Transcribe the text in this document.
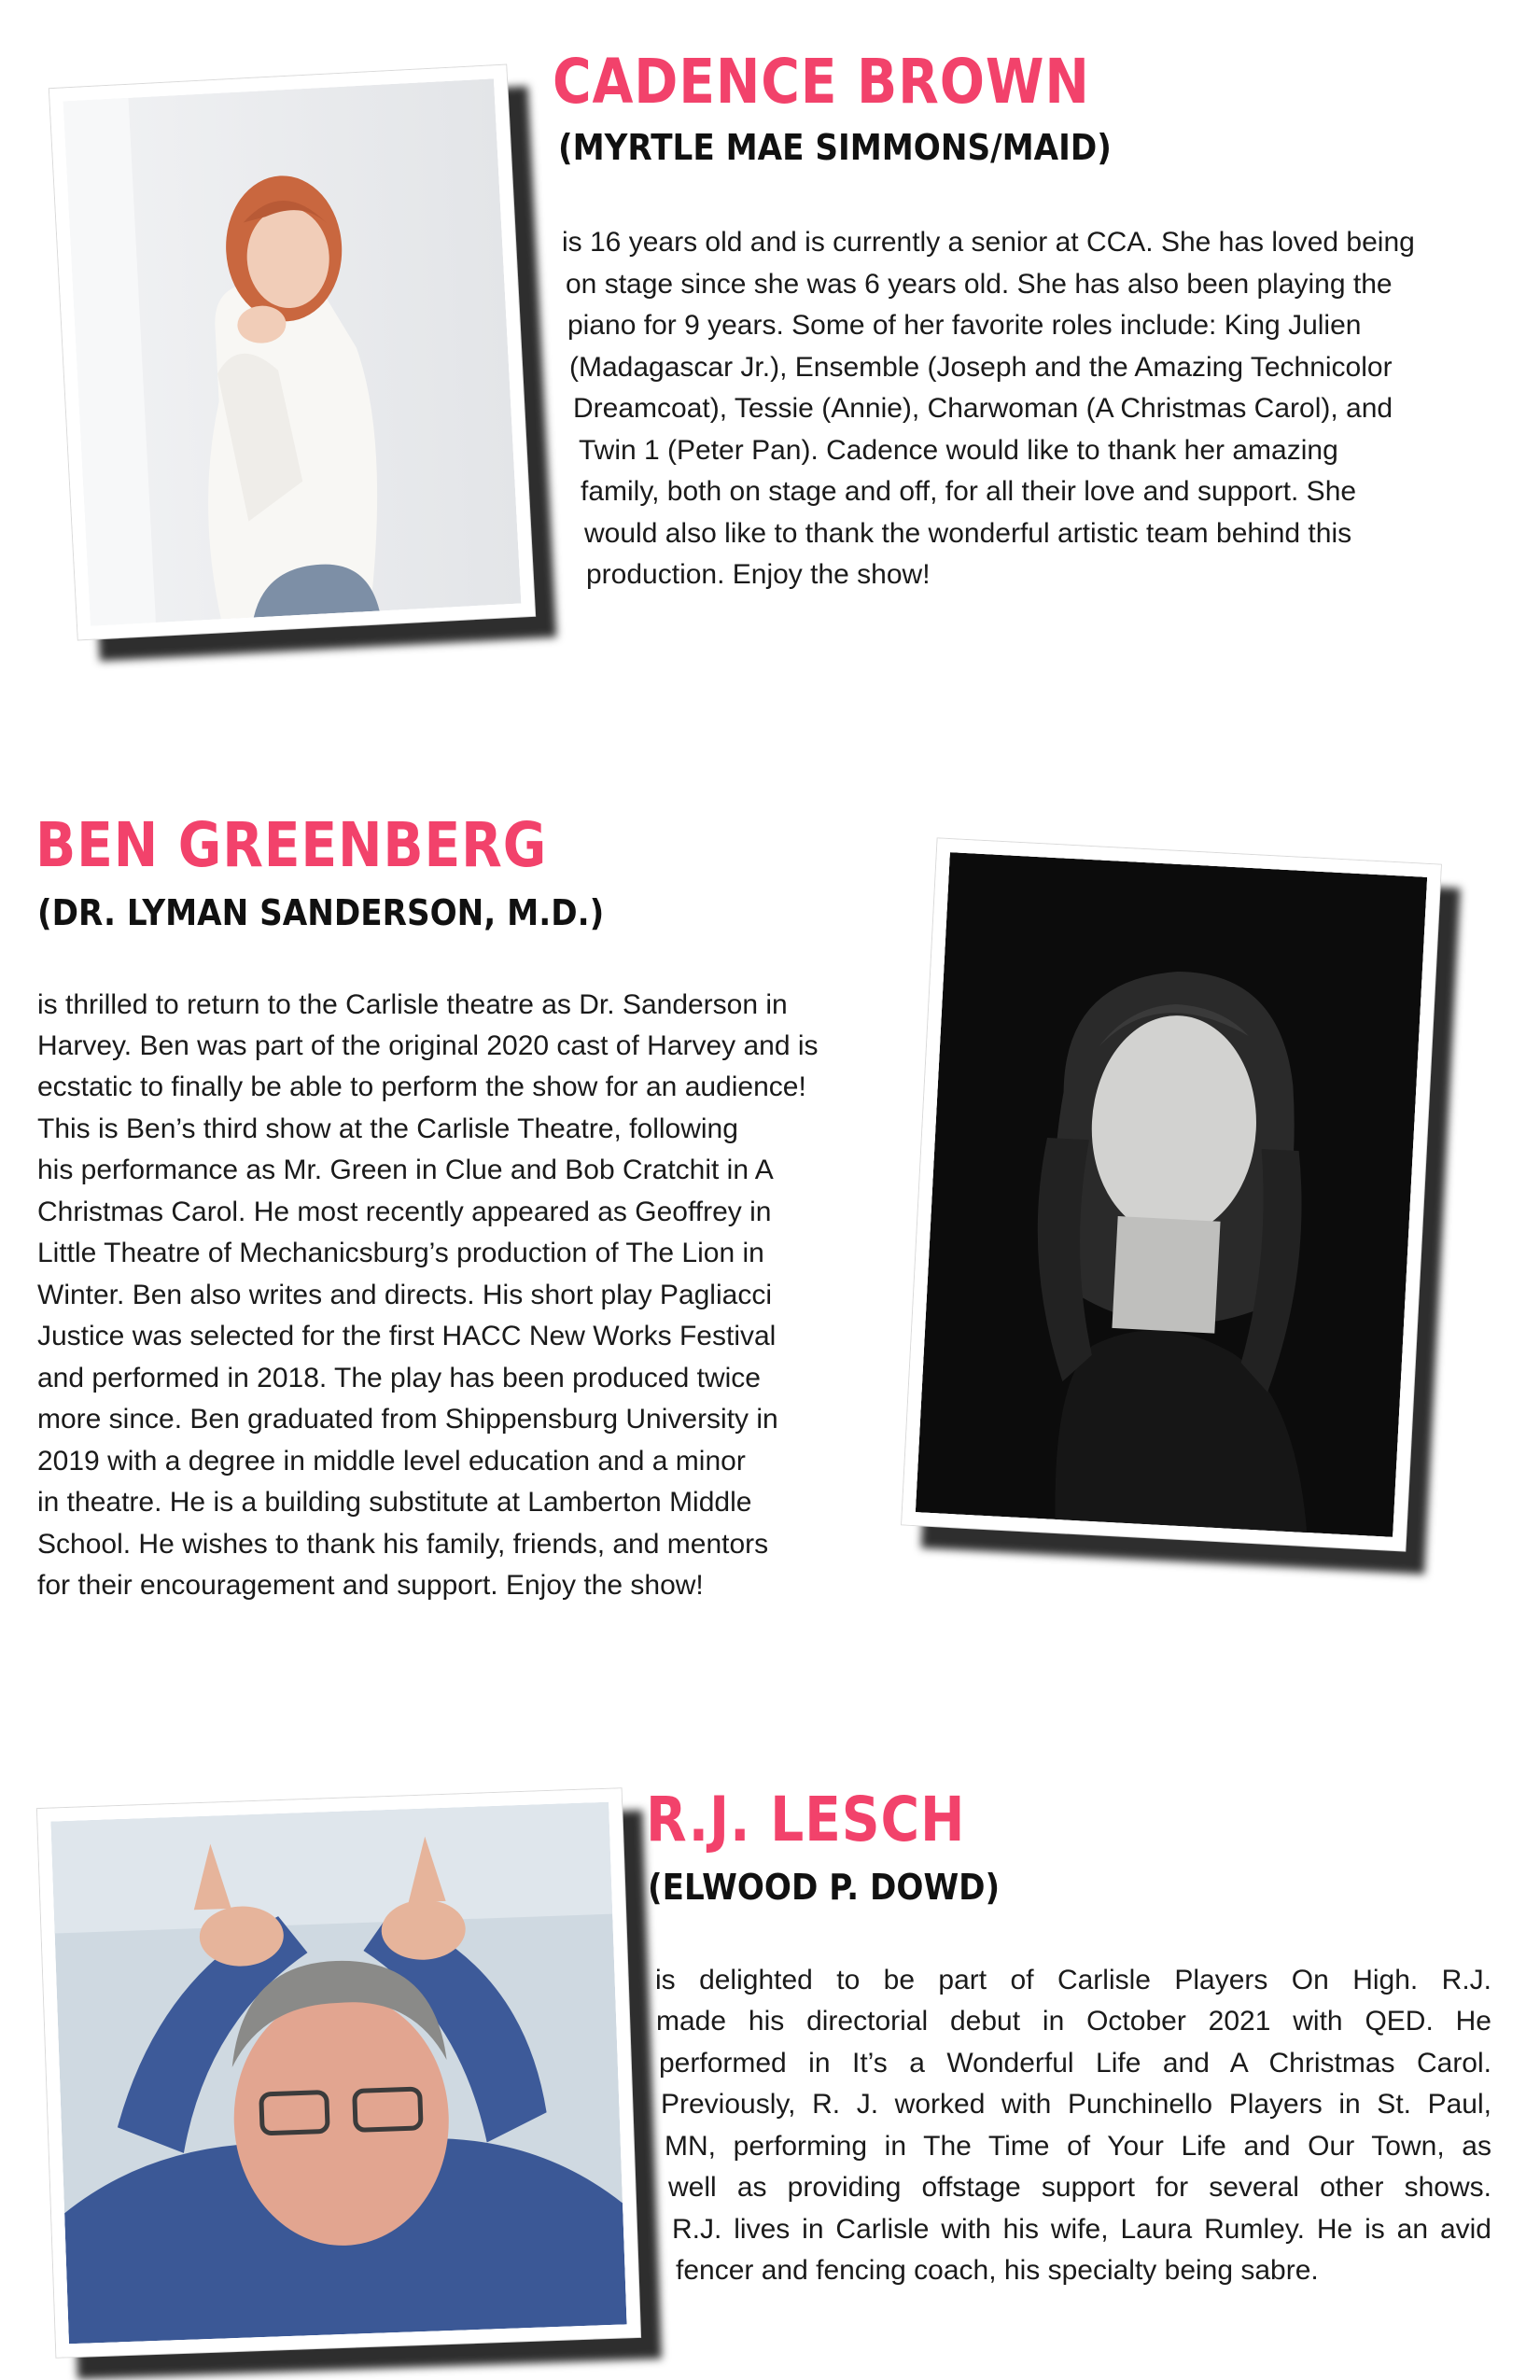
CADENCE BROWN
(MYRTLE MAE SIMMONS/MAID)
is 16 years old and is currently a senior at CCA. She has loved being
on stage since she was 6 years old. She has also been playing the
piano for 9 years. Some of her favorite roles include: King Julien
(Madagascar Jr.), Ensemble (Joseph and the Amazing Technicolor
Dreamcoat), Tessie (Annie), Charwoman (A Christmas Carol), and
Twin 1 (Peter Pan). Cadence would like to thank her amazing
family, both on stage and off, for all their love and support. She
would also like to thank the wonderful artistic team behind this
production. Enjoy the show!
BEN GREENBERG
(DR. LYMAN SANDERSON, M.D.)
is thrilled to return to the Carlisle theatre as Dr. Sanderson in
Harvey. Ben was part of the original 2020 cast of Harvey and is
ecstatic to finally be able to perform the show for an audience!
This is Ben’s third show at the Carlisle Theatre, following
his performance as Mr. Green in Clue and Bob Cratchit in A
Christmas Carol. He most recently appeared as Geoffrey in
Little Theatre of Mechanicsburg’s production of The Lion in
Winter. Ben also writes and directs. His short play Pagliacci
Justice was selected for the first HACC New Works Festival
and performed in 2018. The play has been produced twice
more since. Ben graduated from Shippensburg University in
2019 with a degree in middle level education and a minor
in theatre. He is a building substitute at Lamberton Middle
School. He wishes to thank his family, friends, and mentors
for their encouragement and support. Enjoy the show!
R.J. LESCH
(ELWOOD P. DOWD)
is delighted to be part of Carlisle Players On High. R.J.
made his directorial debut in October 2021 with QED. He
performed in It’s a Wonderful Life and A Christmas Carol.
Previously, R. J. worked with Punchinello Players in St. Paul,
MN, performing in The Time of Your Life and Our Town, as
well as providing offstage support for several other shows.
R.J. lives in Carlisle with his wife, Laura Rumley. He is an avid
fencer and fencing coach, his specialty being sabre.
